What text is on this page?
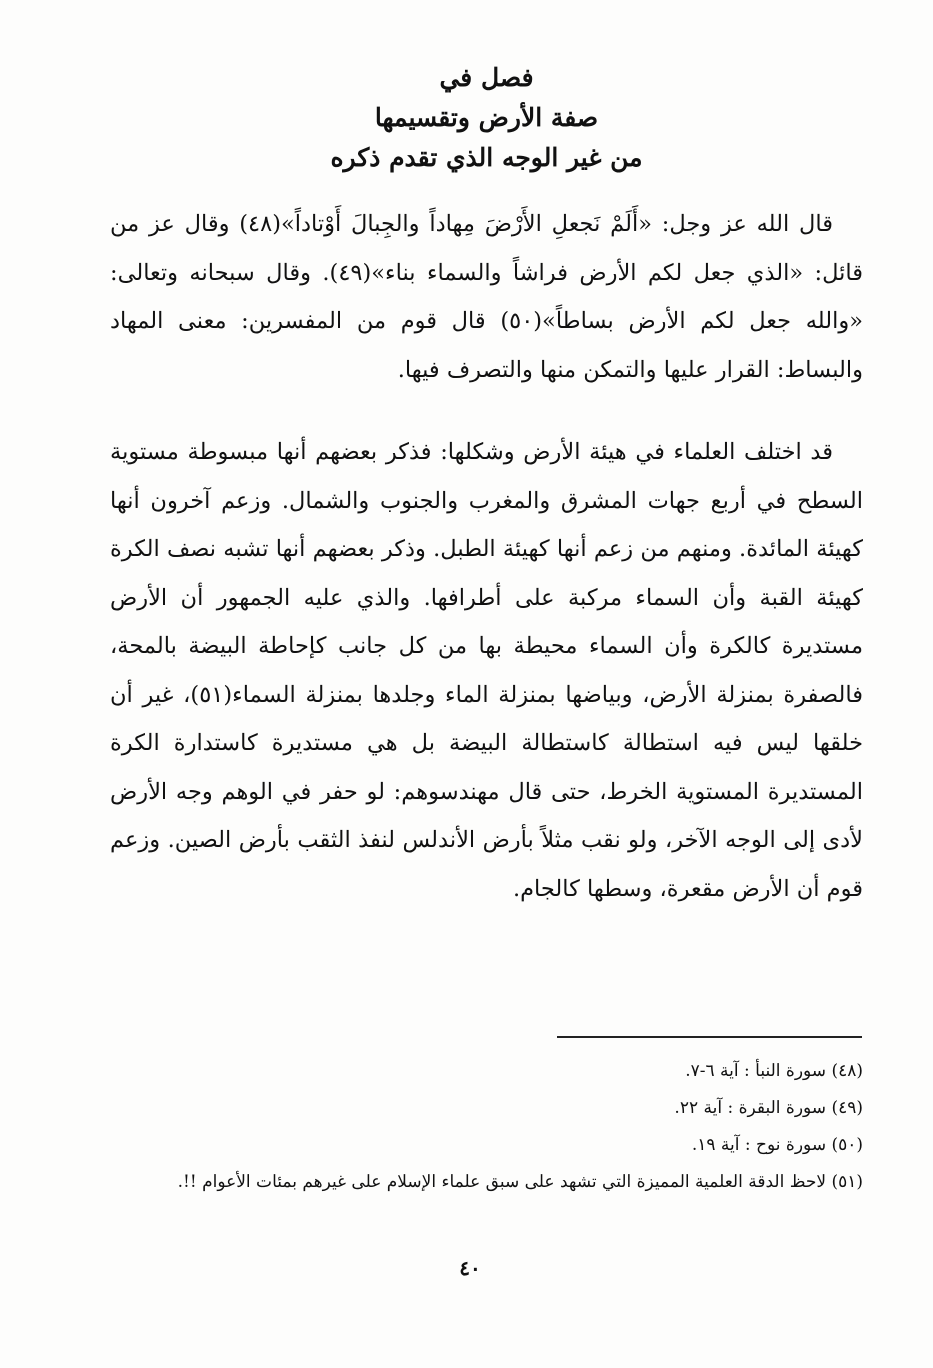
فصل في
صفة الأرض وتقسيمها
من غير الوجه الذي تقدم ذكره

قال الله عز وجل: «أَلَمْ نَجعلِ الأَرْضَ مِهاداً والجِبالَ أَوْتاداً»(٤٨) وقال عز من قائل: «الذي جعل لكم الأرض فراشاً والسماء بناء»(٤٩). وقال سبحانه وتعالى: «والله جعل لكم الأرض بساطاً»(٥٠) قال قوم من المفسرين: معنى المهاد والبساط: القرار عليها والتمكن منها والتصرف فيها.

قد اختلف العلماء في هيئة الأرض وشكلها: فذكر بعضهم أنها مبسوطة مستوية السطح في أربع جهات المشرق والمغرب والجنوب والشمال. وزعم آخرون أنها كهيئة المائدة. ومنهم من زعم أنها كهيئة الطبل. وذكر بعضهم أنها تشبه نصف الكرة كهيئة القبة وأن السماء مركبة على أطرافها. والذي عليه الجمهور أن الأرض مستديرة كالكرة وأن السماء محيطة بها من كل جانب كإحاطة البيضة بالمحة، فالصفرة بمنزلة الأرض، وبياضها بمنزلة الماء وجلدها بمنزلة السماء(٥١)، غير أن خلقها ليس فيه استطالة كاستطالة البيضة بل هي مستديرة كاستدارة الكرة المستديرة المستوية الخرط، حتى قال مهندسوهم: لو حفر في الوهم وجه الأرض لأدى إلى الوجه الآخر، ولو نقب مثلاً بأرض الأندلس لنفذ الثقب بأرض الصين. وزعم قوم أن الأرض مقعرة، وسطها كالجام.

(٤٨) سورة النبأ : آية ٦-٧.

(٤٩) سورة البقرة : آية ٢٢.

(٥٠) سورة نوح : آية ١٩.

(٥١) لاحظ الدقة العلمية المميزة التي تشهد على سبق علماء الإسلام على غيرهم بمئات الأعوام !!.

٤٠
